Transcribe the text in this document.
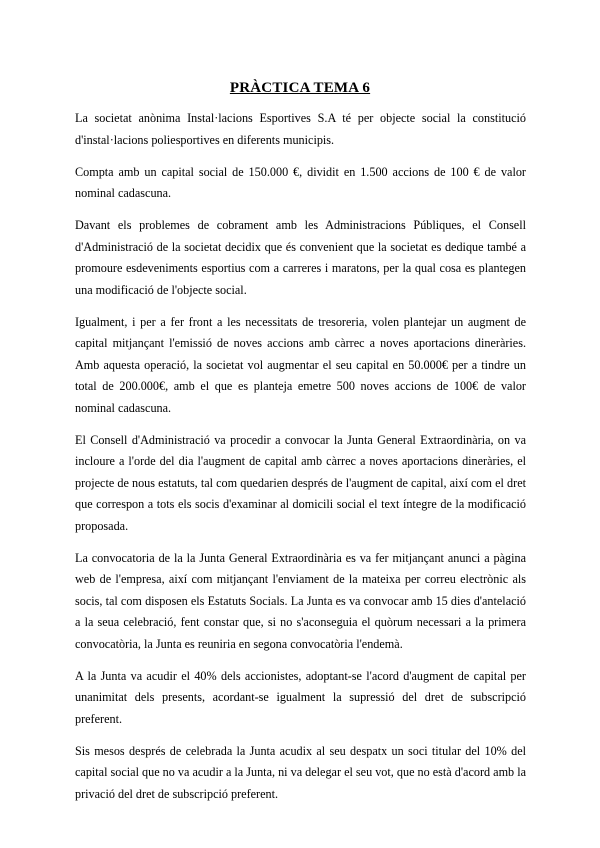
PRÀCTICA TEMA 6

La societat anònima Instal·lacions Esportives S.A té per objecte social la constitució d'instal·lacions poliesportives en diferents municipis.

Compta amb un capital social de 150.000 €, dividit en 1.500 accions de 100 € de valor nominal cadascuna.

Davant els problemes de cobrament amb les Administracions Públiques, el Consell d'Administració de la societat decidix que és convenient que la societat es dedique també a promoure esdeveniments esportius com a carreres i maratons, per la qual cosa es plantegen una modificació de l'objecte social.

Igualment, i per a fer front a les necessitats de tresoreria, volen plantejar un augment de capital mitjançant l'emissió de noves accions amb càrrec a noves aportacions dineràries. Amb aquesta operació, la societat vol augmentar el seu capital en 50.000€ per a tindre un total de 200.000€, amb el que es planteja emetre 500 noves accions de 100€ de valor nominal cadascuna.

El Consell d'Administració va procedir a convocar la Junta General Extraordinària, on va incloure a l'orde del dia l'augment de capital amb càrrec a noves aportacions dineràries, el projecte de nous estatuts, tal com quedarien després de l'augment de capital, així com el dret que correspon a tots els socis d'examinar al domicili social el text íntegre de la modificació proposada.

La convocatoria de la la Junta General Extraordinària es va fer mitjançant anunci a pàgina web de l'empresa, així com mitjançant l'enviament de la mateixa per correu electrònic als socis, tal com disposen els Estatuts Socials. La Junta es va convocar amb 15 dies d'antelació a la seua celebració, fent constar que, si no s'aconseguia el quòrum necessari a la primera convocatòria, la Junta es reuniria en segona convocatòria l'endemà.

A la Junta va acudir el 40% dels accionistes, adoptant-se l'acord d'augment de capital per unanimitat dels presents, acordant-se igualment la supressió del dret de subscripció preferent.

Sis mesos després de celebrada la Junta acudix al seu despatx un soci titular del 10% del capital social que no va acudir a la Junta, ni va delegar el seu vot, que no està d'acord amb la privació del dret de subscripció preferent.
